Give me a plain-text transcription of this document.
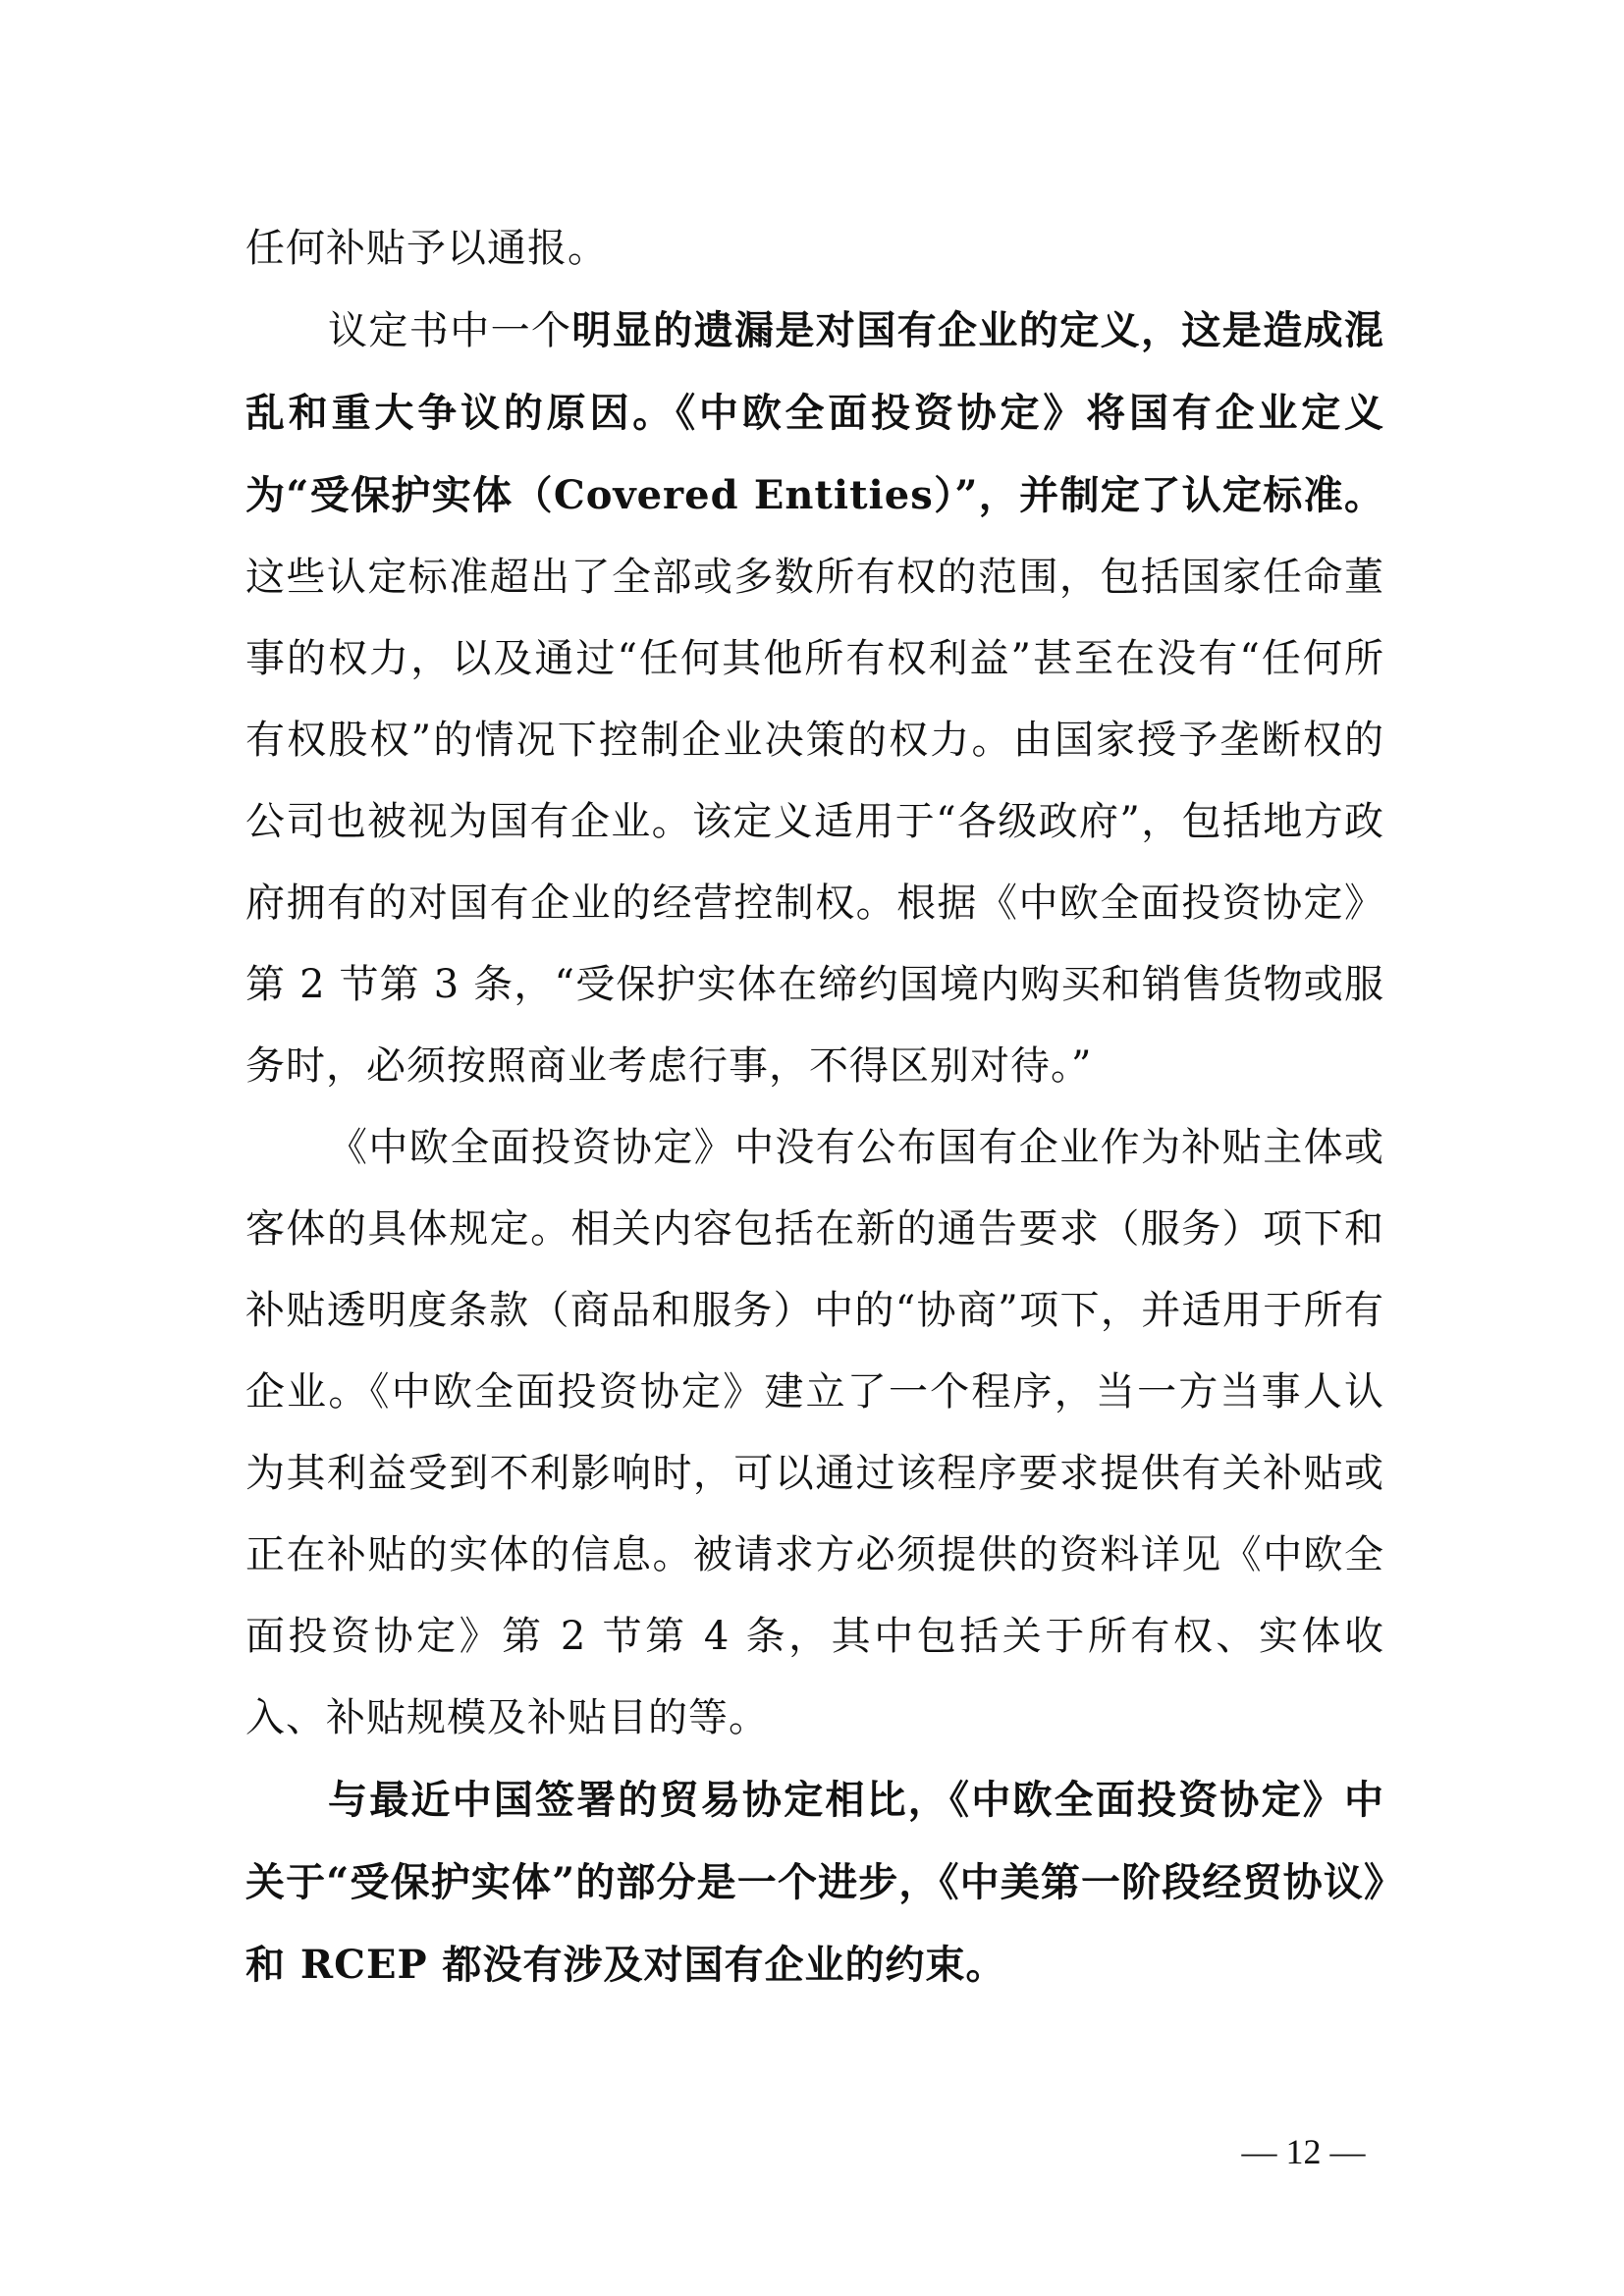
任何补贴予以通报。

议定书中一个明显的遗漏是对国有企业的定义，这是造成混乱和重大争议的原因。《中欧全面投资协定》将国有企业定义为“受保护实体（Covered Entities）”，并制定了认定标准。这些认定标准超出了全部或多数所有权的范围，包括国家任命董事的权力，以及通过“任何其他所有权利益”甚至在没有“任何所有权股权”的情况下控制企业决策的权力。由国家授予垄断权的公司也被视为国有企业。该定义适用于“各级政府”，包括地方政府拥有的对国有企业的经营控制权。根据《中欧全面投资协定》第 2 节第 3 条，“受保护实体在缔约国境内购买和销售货物或服务时，必须按照商业考虑行事，不得区别对待。”

《中欧全面投资协定》中没有公布国有企业作为补贴主体或客体的具体规定。相关内容包括在新的通告要求（服务）项下和补贴透明度条款（商品和服务）中的“协商”项下，并适用于所有企业。《中欧全面投资协定》建立了一个程序，当一方当事人认为其利益受到不利影响时，可以通过该程序要求提供有关补贴或正在补贴的实体的信息。被请求方必须提供的资料详见《中欧全面投资协定》第 2 节第 4 条，其中包括关于所有权、实体收入、补贴规模及补贴目的等。

与最近中国签署的贸易协定相比，《中欧全面投资协定》中关于“受保护实体”的部分是一个进步，《中美第一阶段经贸协议》和 RCEP 都没有涉及对国有企业的约束。

— 12 —
